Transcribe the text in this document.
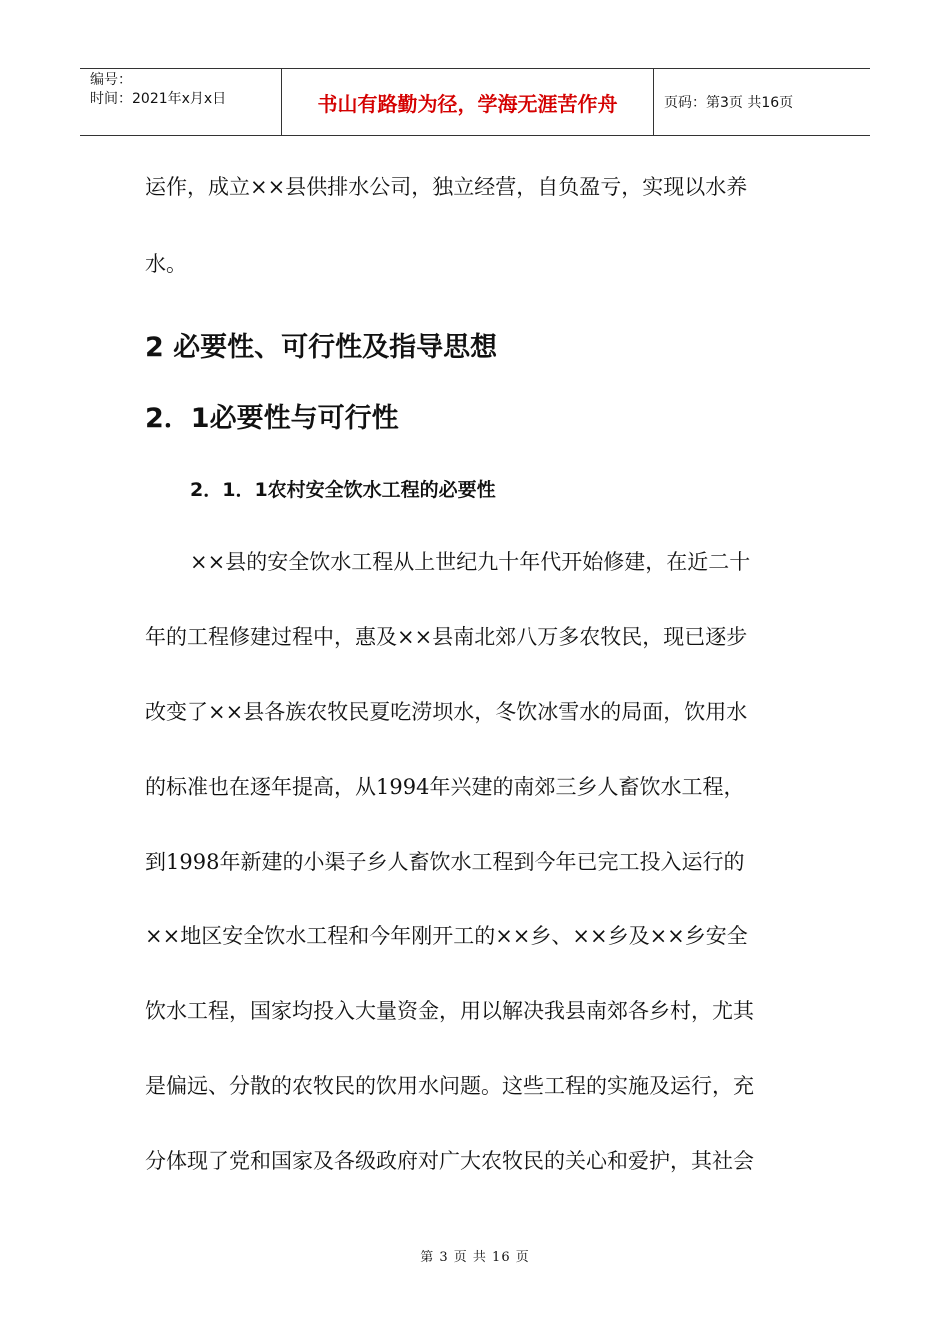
编号：
时间：2021年x月x日	书山有路勤为径，学海无涯苦作舟	页码：第3页 共16页
运作，成立××县供排水公司，独立经营，自负盈亏，实现以水养
水。
2 必要性、可行性及指导思想
2．1必要性与可行性
2．1．1农村安全饮水工程的必要性
××县的安全饮水工程从上世纪九十年代开始修建，在近二十
年的工程修建过程中，惠及××县南北郊八万多农牧民，现已逐步
改变了××县各族农牧民夏吃涝坝水，冬饮冰雪水的局面，饮用水
的标准也在逐年提高，从1994年兴建的南郊三乡人畜饮水工程，
到1998年新建的小渠子乡人畜饮水工程到今年已完工投入运行的
××地区安全饮水工程和今年刚开工的××乡、××乡及××乡安全
饮水工程，国家均投入大量资金，用以解决我县南郊各乡村，尤其
是偏远、分散的农牧民的饮用水问题。这些工程的实施及运行，充
分体现了党和国家及各级政府对广大农牧民的关心和爱护，其社会
第 3 页 共 16 页
